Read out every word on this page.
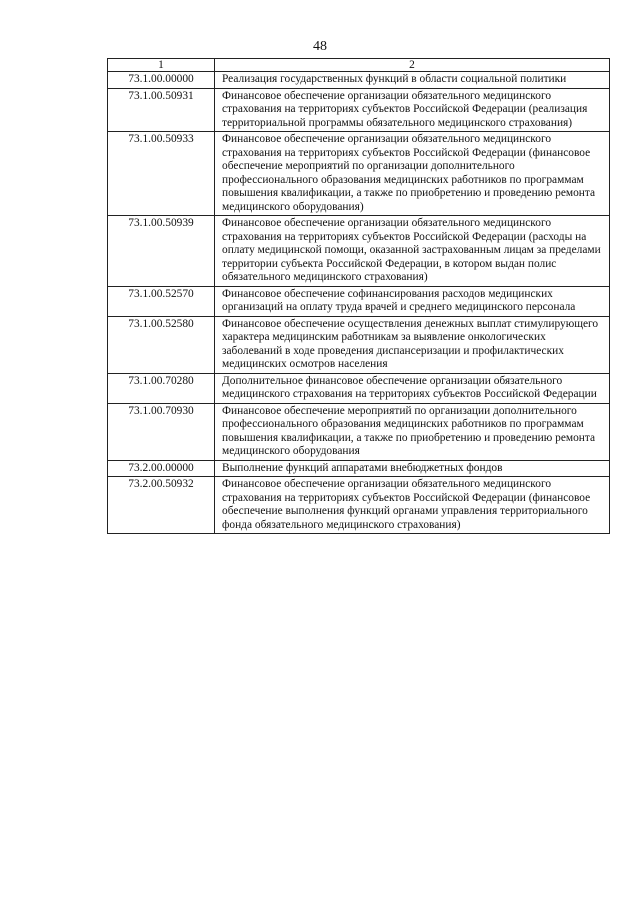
48
1	2
73.1.00.00000	Реализация государственных функций в области социальной политики
73.1.00.50931	Финансовое обеспечение организации обязательного медицинского страхования на территориях субъектов Российской Федерации (реализация территориальной программы обязательного медицинского страхования)
73.1.00.50933	Финансовое обеспечение организации обязательного медицинского страхования на территориях субъектов Российской Федерации (финансовое обеспечение мероприятий по организации дополнительного профессионального образования медицинских работников по программам повышения квалификации, а также по приобретению и проведению ремонта медицинского оборудования)
73.1.00.50939	Финансовое обеспечение организации обязательного медицинского страхования на территориях субъектов Российской Федерации (расходы на оплату медицинской помощи, оказанной застрахованным лицам за пределами территории субъекта Российской Федерации, в котором выдан полис обязательного медицинского страхования)
73.1.00.52570	Финансовое обеспечение софинансирования расходов медицинских организаций на оплату труда врачей и среднего медицинского персонала
73.1.00.52580	Финансовое обеспечение осуществления денежных выплат стимулирующего характера медицинским работникам за выявление онкологических заболеваний в ходе проведения диспансеризации и профилактических медицинских осмотров населения
73.1.00.70280	Дополнительное финансовое обеспечение организации обязательного медицинского страхования на территориях субъектов Российской Федерации
73.1.00.70930	Финансовое обеспечение мероприятий по организации дополнительного профессионального образования медицинских работников по программам повышения квалификации, а также по приобретению и проведению ремонта медицинского оборудования
73.2.00.00000	Выполнение функций аппаратами внебюджетных фондов
73.2.00.50932	Финансовое обеспечение организации обязательного медицинского страхования на территориях субъектов Российской Федерации (финансовое обеспечение выполнения функций органами управления территориального фонда обязательного медицинского страхования)
